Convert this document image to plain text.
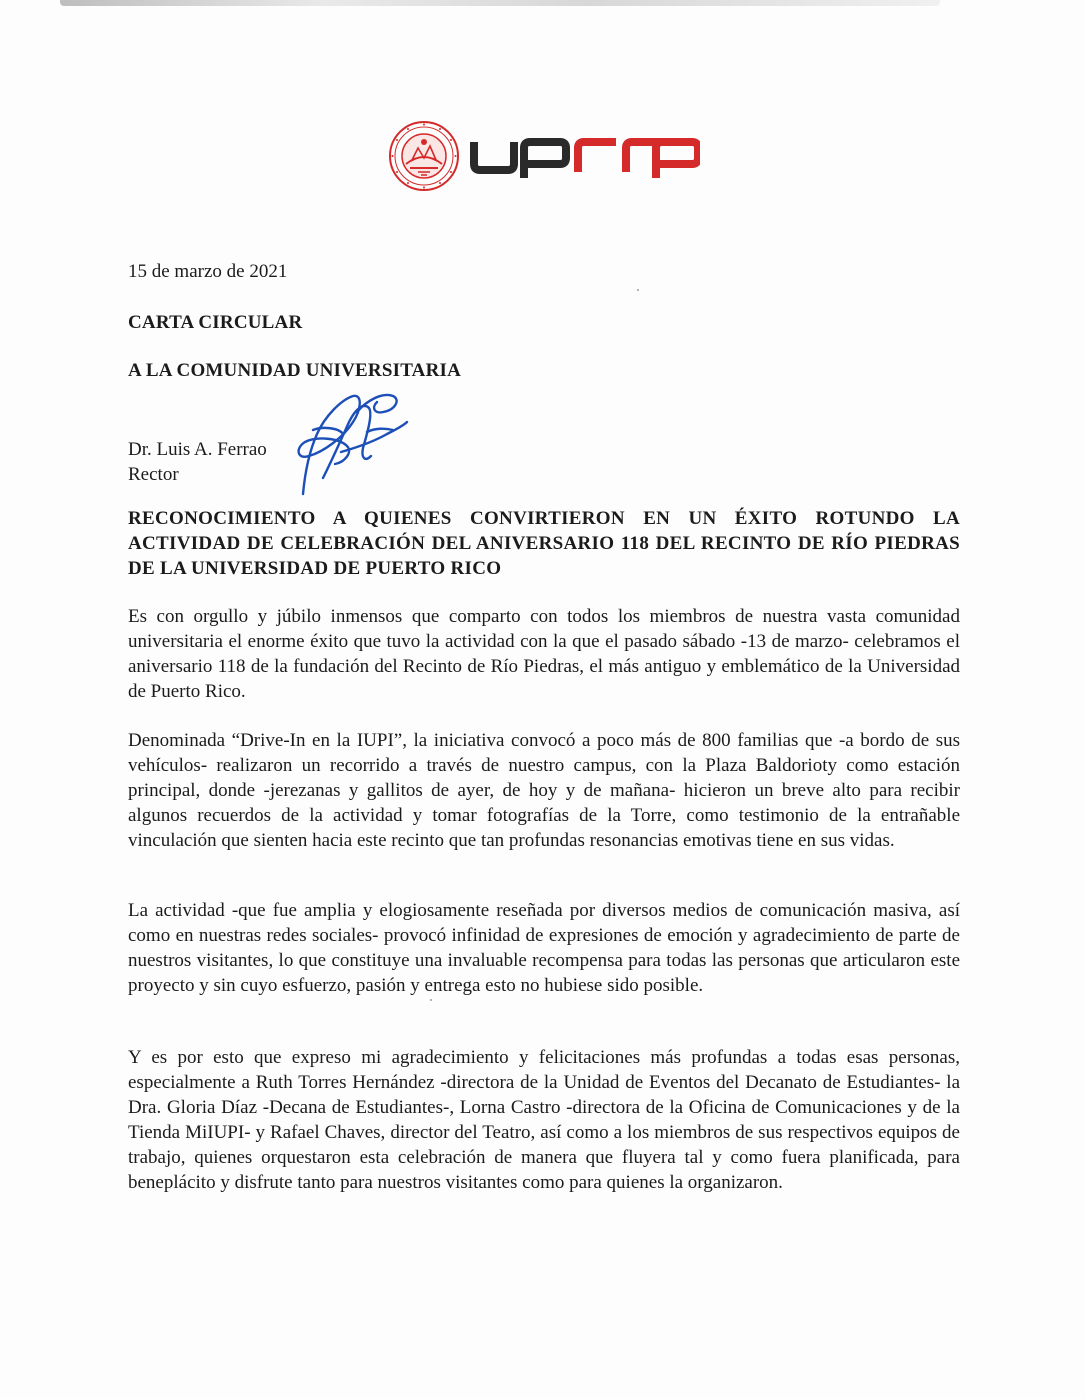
15 de marzo de 2021
CARTA CIRCULAR
A LA COMUNIDAD UNIVERSITARIA
Dr. Luis A. Ferrao
Rector
RECONOCIMIENTO A QUIENES CONVIRTIERON EN UN ÉXITO ROTUNDO LA ACTIVIDAD DE CELEBRACIÓN DEL ANIVERSARIO 118 DEL RECINTO DE RÍO PIEDRAS DE LA UNIVERSIDAD DE PUERTO RICO
Es con orgullo y júbilo inmensos que comparto con todos los miembros de nuestra vasta comunidad universitaria el enorme éxito que tuvo la actividad con la que el pasado sábado -13 de marzo- celebramos el aniversario 118 de la fundación del Recinto de Río Piedras, el más antiguo y emblemático de la Universidad de Puerto Rico.
Denominada “Drive-In en la IUPI”, la iniciativa convocó a poco más de 800 familias que -a bordo de sus vehículos- realizaron un recorrido a través de nuestro campus, con la Plaza Baldorioty como estación principal, donde -jerezanas y gallitos de ayer, de hoy y de mañana- hicieron un breve alto para recibir algunos recuerdos de la actividad y tomar fotografías de la Torre, como testimonio de la entrañable vinculación que sienten hacia este recinto que tan profundas resonancias emotivas tiene en sus vidas.
La actividad -que fue amplia y elogiosamente reseñada por diversos medios de comunicación masiva, así como en nuestras redes sociales- provocó infinidad de expresiones de emoción y agradecimiento de parte de nuestros visitantes, lo que constituye una invaluable recompensa para todas las personas que articularon este proyecto y sin cuyo esfuerzo, pasión y entrega esto no hubiese sido posible.
Y es por esto que expreso mi agradecimiento y felicitaciones más profundas a todas esas personas, especialmente a Ruth Torres Hernández -directora de la Unidad de Eventos del Decanato de Estudiantes- la Dra. Gloria Díaz -Decana de Estudiantes-, Lorna Castro -directora de la Oficina de Comunicaciones y de la Tienda MiIUPI- y Rafael Chaves, director del Teatro, así como a los miembros de sus respectivos equipos de trabajo, quienes orquestaron esta celebración de manera que fluyera tal y como fuera planificada, para beneplácito y disfrute tanto para nuestros visitantes como para quienes la organizaron.
